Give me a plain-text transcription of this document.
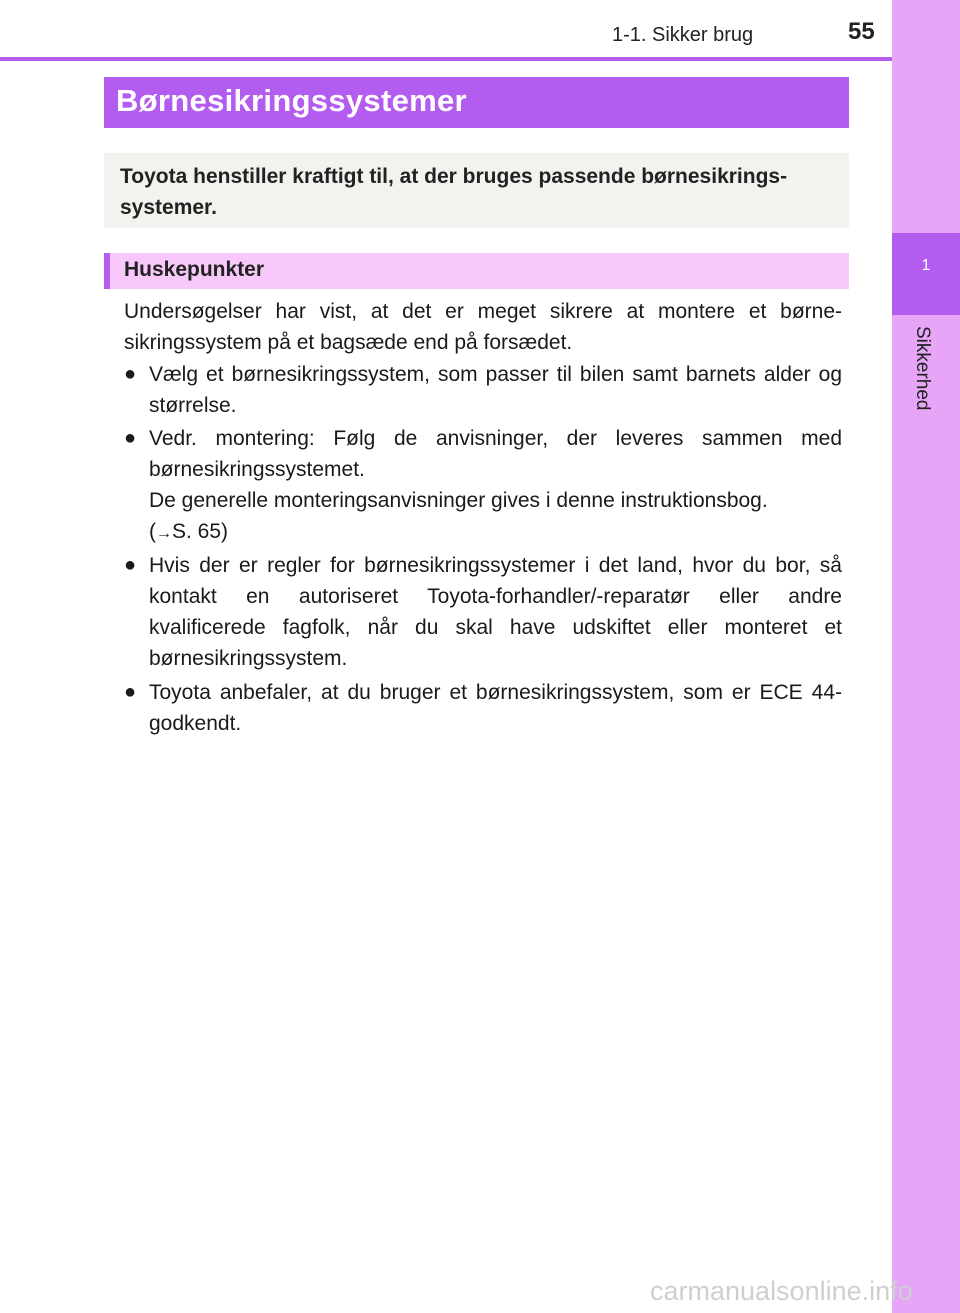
1-1. Sikker brug	55
1
Sikkerhed
Børnesikringssystemer
Toyota henstiller kraftigt til, at der bruges passende børnesikrings-systemer.
Huskepunkter
Undersøgelser har vist, at det er meget sikrere at montere et børne-sikringssystem på et bagsæde end på forsædet.
● Vælg et børnesikringssystem, som passer til bilen samt barnets alder og størrelse.
● Vedr. montering: Følg de anvisninger, der leveres sammen med børnesikringssystemet.
De generelle monteringsanvisninger gives i denne instruktionsbog.
(→S. 65)
● Hvis der er regler for børnesikringssystemer i det land, hvor du bor, så kontakt en autoriseret Toyota-forhandler/-reparatør eller andre kvalificerede fagfolk, når du skal have udskiftet eller monteret et børnesikringssystem.
● Toyota anbefaler, at du bruger et børnesikringssystem, som er ECE 44-godkendt.
carmanualsonline.info
